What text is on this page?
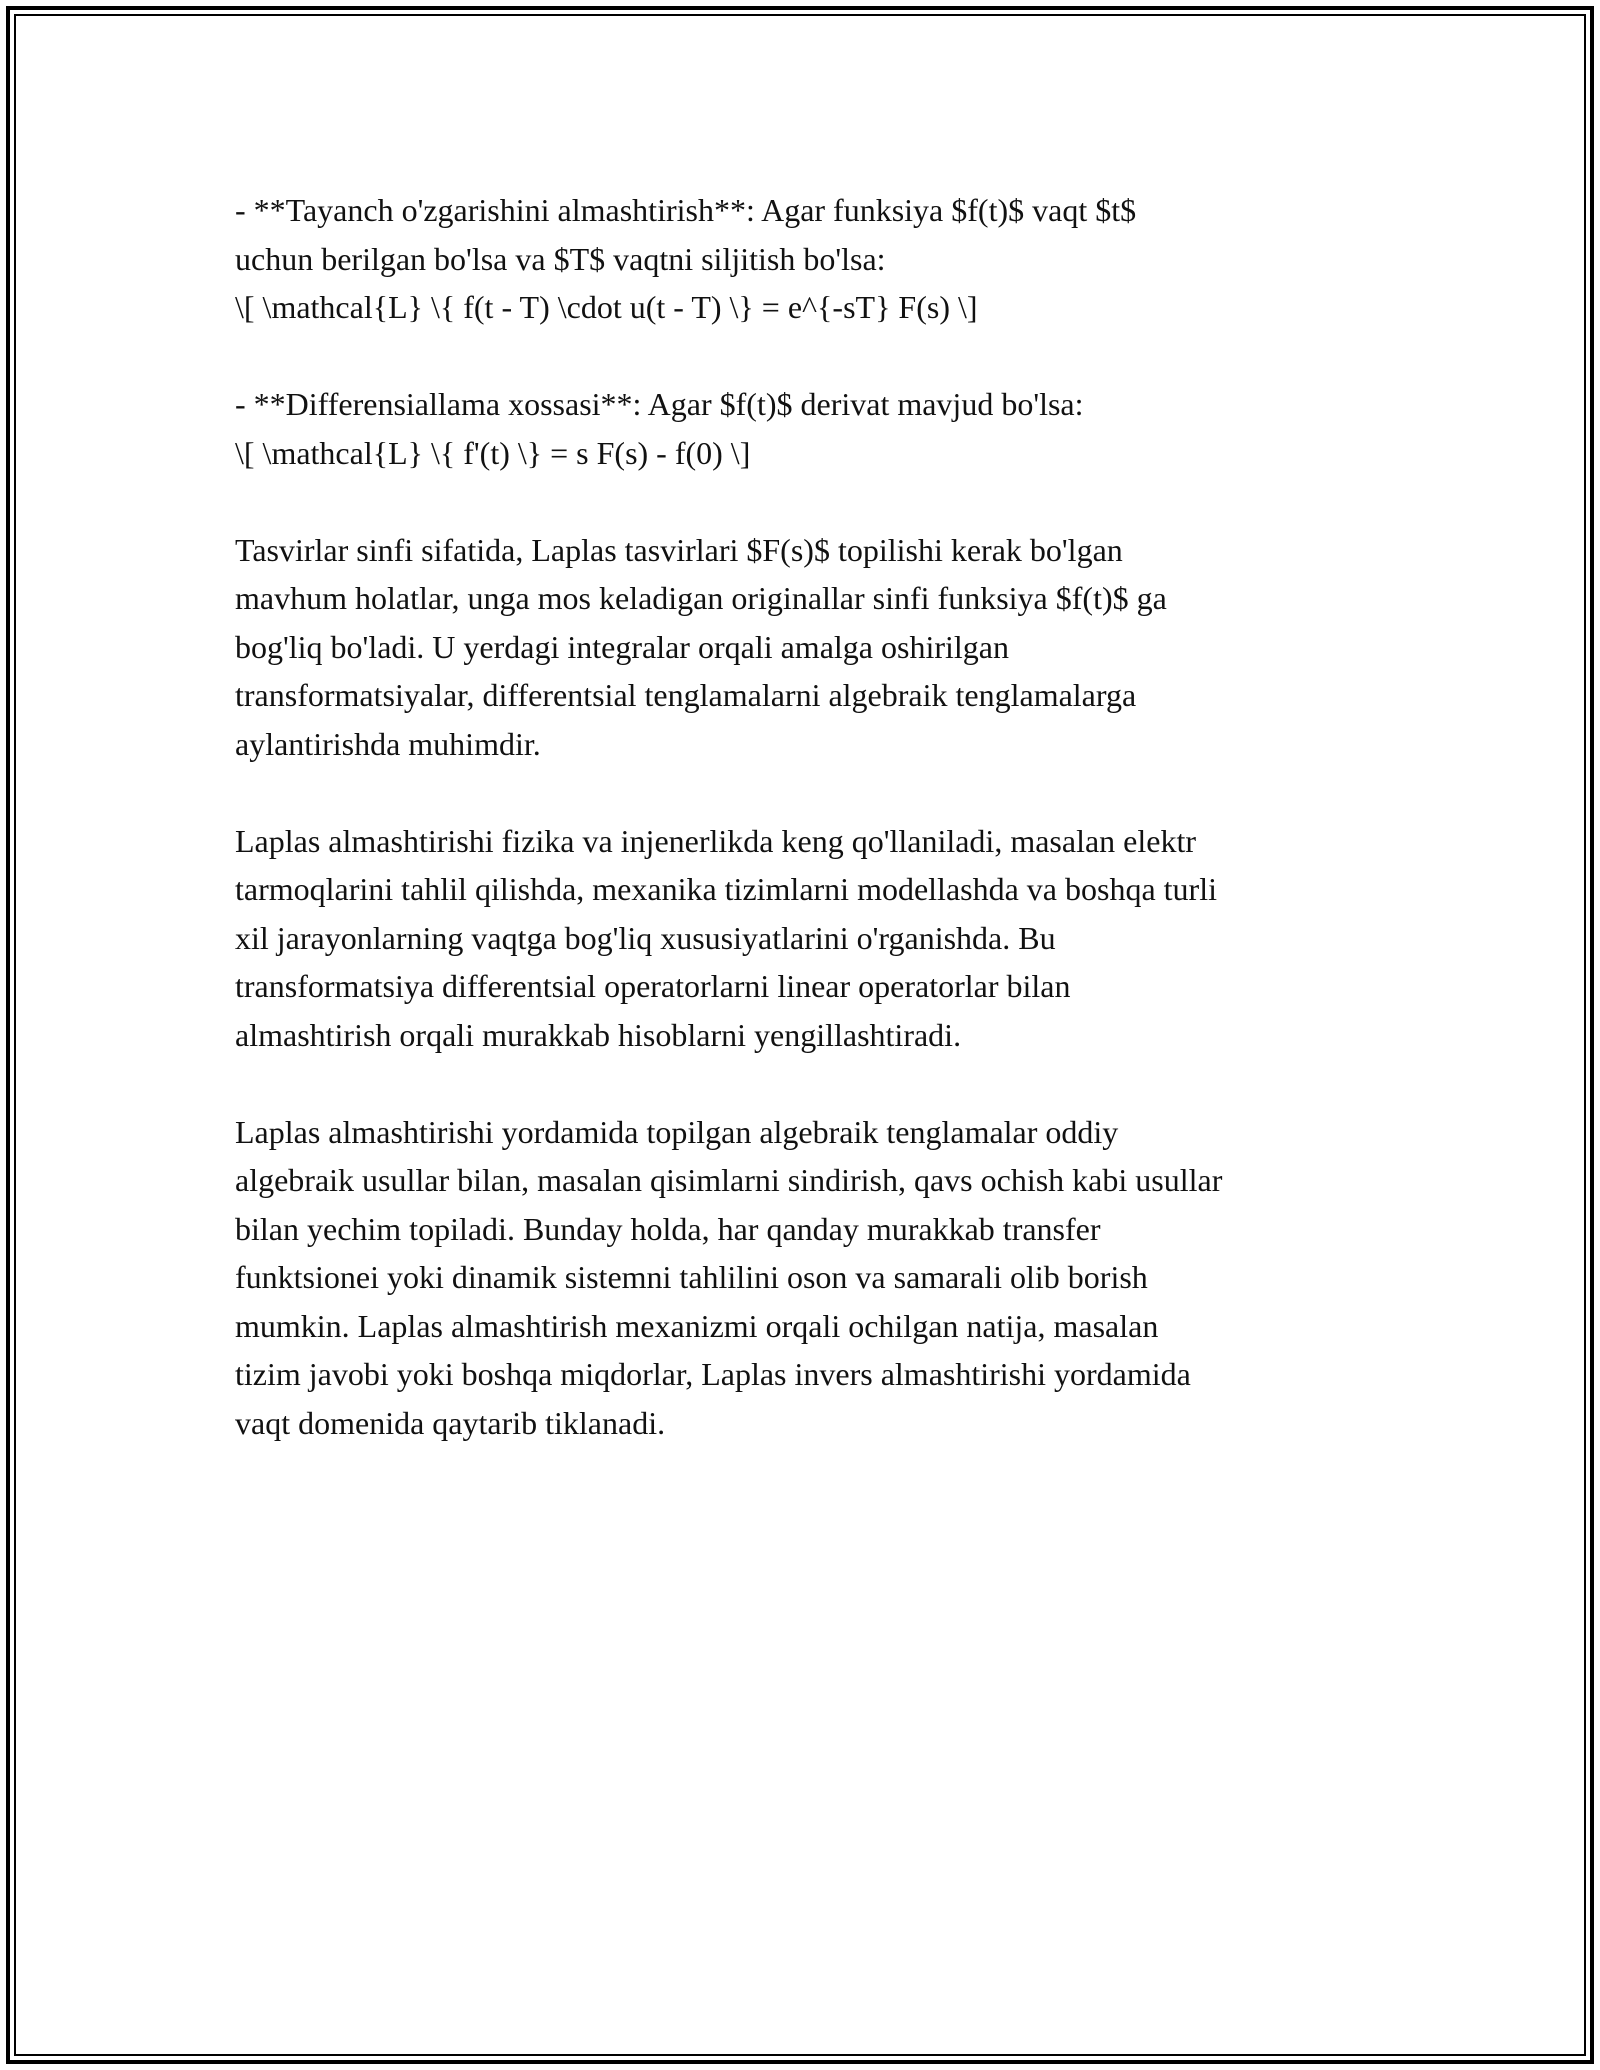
- **Tayanch o'zgarishini almashtirish**: Agar funksiya $f(t)$ vaqt $t$
uchun berilgan bo'lsa va $T$ vaqtni siljitish bo'lsa:
\[ \mathcal{L} \{ f(t - T) \cdot u(t - T) \} = e^{-sT} F(s) \]
- **Differensiallama xossasi**: Agar $f(t)$ derivat mavjud bo'lsa:
\[ \mathcal{L} \{ f'(t) \} = s F(s) - f(0) \]
Tasvirlar sinfi sifatida, Laplas tasvirlari $F(s)$ topilishi kerak bo'lgan
mavhum holatlar, unga mos keladigan originallar sinfi funksiya $f(t)$ ga
bog'liq bo'ladi. U yerdagi integralar orqali amalga oshirilgan
transformatsiyalar, differentsial tenglamalarni algebraik tenglamalarga
aylantirishda muhimdir.
Laplas almashtirishi fizika va injenerlikda keng qo'llaniladi, masalan elektr
tarmoqlarini tahlil qilishda, mexanika tizimlarni modellashda va boshqa turli
xil jarayonlarning vaqtga bog'liq xususiyatlarini o'rganishda. Bu
transformatsiya differentsial operatorlarni linear operatorlar bilan
almashtirish orqali murakkab hisoblarni yengillashtiradi.
Laplas almashtirishi yordamida topilgan algebraik tenglamalar oddiy
algebraik usullar bilan, masalan qisimlarni sindirish, qavs ochish kabi usullar
bilan yechim topiladi. Bunday holda, har qanday murakkab transfer
funktsionei yoki dinamik sistemni tahlilini oson va samarali olib borish
mumkin. Laplas almashtirish mexanizmi orqali ochilgan natija, masalan
tizim javobi yoki boshqa miqdorlar, Laplas invers almashtirishi yordamida
vaqt domenida qaytarib tiklanadi.
